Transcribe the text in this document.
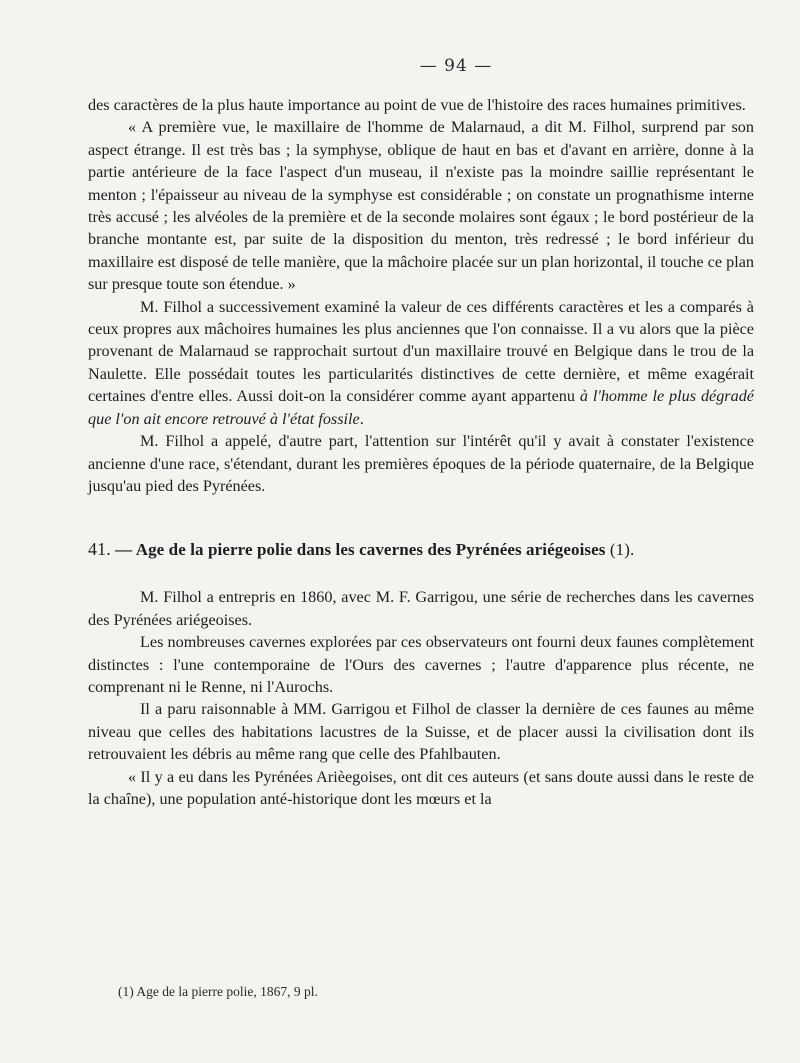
— 94 —

des caractères de la plus haute importance au point de vue de l'histoire des races humaines primitives.

« A première vue, le maxillaire de l'homme de Malarnaud, a dit M. Filhol, surprend par son aspect étrange. Il est très bas ; la symphyse, oblique de haut en bas et d'avant en arrière, donne à la partie antérieure de la face l'aspect d'un museau, il n'existe pas la moindre saillie représentant le menton ; l'épaisseur au niveau de la symphyse est considérable ; on constate un prognathisme interne très accusé ; les alvéoles de la première et de la seconde molaires sont égaux ; le bord postérieur de la branche montante est, par suite de la disposition du menton, très redressé ; le bord inférieur du maxillaire est disposé de telle manière, que la mâchoire placée sur un plan horizontal, il touche ce plan sur presque toute son étendue. »

M. Filhol a successivement examiné la valeur de ces différents caractères et les a comparés à ceux propres aux mâchoires humaines les plus anciennes que l'on connaisse. Il a vu alors que la pièce provenant de Malarnaud se rapprochait surtout d'un maxillaire trouvé en Belgique dans le trou de la Naulette. Elle possédait toutes les particularités distinctives de cette dernière, et même exagérait certaines d'entre elles. Aussi doit-on la considérer comme ayant appartenu à l'homme le plus dégradé que l'on ait encore retrouvé à l'état fossile.

M. Filhol a appelé, d'autre part, l'attention sur l'intérêt qu'il y avait à constater l'existence ancienne d'une race, s'étendant, durant les premières époques de la période quaternaire, de la Belgique jusqu'au pied des Pyrénées.

41. — Age de la pierre polie dans les cavernes des Pyrénées ariégeoises (1).

M. Filhol a entrepris en 1860, avec M. F. Garrigou, une série de recherches dans les cavernes des Pyrénées ariégeoises.

Les nombreuses cavernes explorées par ces observateurs ont fourni deux faunes complètement distinctes : l'une contemporaine de l'Ours des cavernes ; l'autre d'apparence plus récente, ne comprenant ni le Renne, ni l'Aurochs.

Il a paru raisonnable à MM. Garrigou et Filhol de classer la dernière de ces faunes au même niveau que celles des habitations lacustres de la Suisse, et de placer aussi la civilisation dont ils retrouvaient les débris au même rang que celle des Pfahlbauten.

« Il y a eu dans les Pyrénées Arièegoises, ont dit ces auteurs (et sans doute aussi dans le reste de la chaîne), une population anté-historique dont les mœurs et la

(1) Age de la pierre polie, 1867, 9 pl.
